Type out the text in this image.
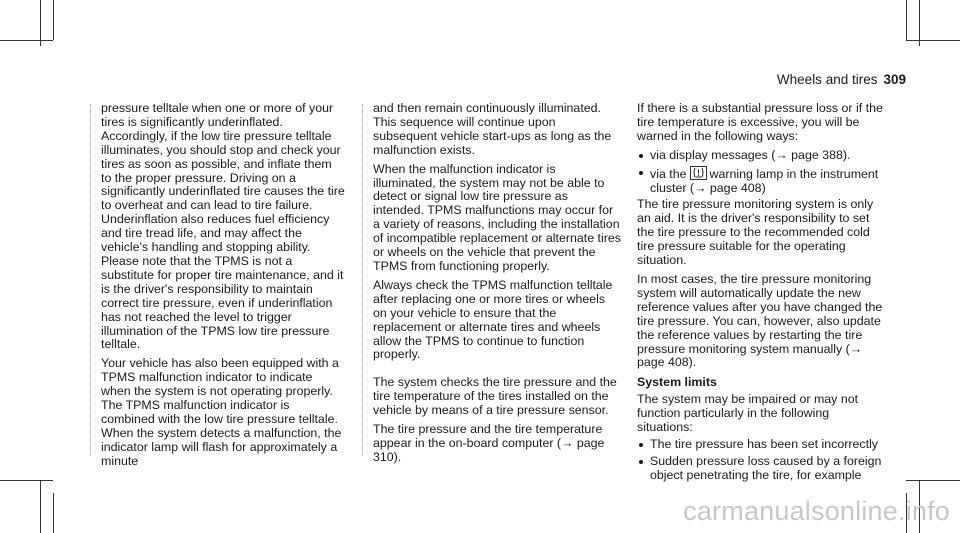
Wheels and tires 309

pressure telltale when one or more of your tires is significantly underinflated. Accordingly, if the low tire pressure telltale illuminates, you should stop and check your tires as soon as possible, and inflate them to the proper pressure. Driving on a significantly underinflated tire causes the tire to overheat and can lead to tire failure. Underinflation also reduces fuel efficiency and tire tread life, and may affect the vehicle's handling and stopping ability. Please note that the TPMS is not a substitute for proper tire maintenance, and it is the driver's responsibility to maintain correct tire pressure, even if underinflation has not reached the level to trigger illumination of the TPMS low tire pressure telltale.

Your vehicle has also been equipped with a TPMS malfunction indicator to indicate when the system is not operating properly. The TPMS malfunction indicator is combined with the low tire pressure telltale. When the system detects a malfunction, the indicator lamp will flash for approximately a minute

and then remain continuously illuminated. This sequence will continue upon subsequent vehicle start-ups as long as the malfunction exists.

When the malfunction indicator is illuminated, the system may not be able to detect or signal low tire pressure as intended. TPMS malfunctions may occur for a variety of reasons, including the installation of incompatible replacement or alternate tires or wheels on the vehicle that prevent the TPMS from functioning properly.

Always check the TPMS malfunction telltale after replacing one or more tires or wheels on your vehicle to ensure that the replacement or alternate tires and wheels allow the TPMS to continue to function properly.

The system checks the tire pressure and the tire temperature of the tires installed on the vehicle by means of a tire pressure sensor.

The tire pressure and the tire temperature appear in the on-board computer (→ page 310).

If there is a substantial pressure loss or if the tire temperature is excessive, you will be warned in the following ways:

via display messages (→ page 388).
via the warning lamp in the instrument cluster (→ page 408)

The tire pressure monitoring system is only an aid. It is the driver's responsibility to set the tire pressure to the recommended cold tire pressure suitable for the operating situation.

In most cases, the tire pressure monitoring system will automatically update the new reference values after you have changed the tire pressure. You can, however, also update the reference values by restarting the tire pressure monitoring system manually (→ page 408).

System limits

The system may be impaired or may not function particularly in the following situations:

The tire pressure has been set incorrectly
Sudden pressure loss caused by a foreign object penetrating the tire, for example
carmanualsonline.info
